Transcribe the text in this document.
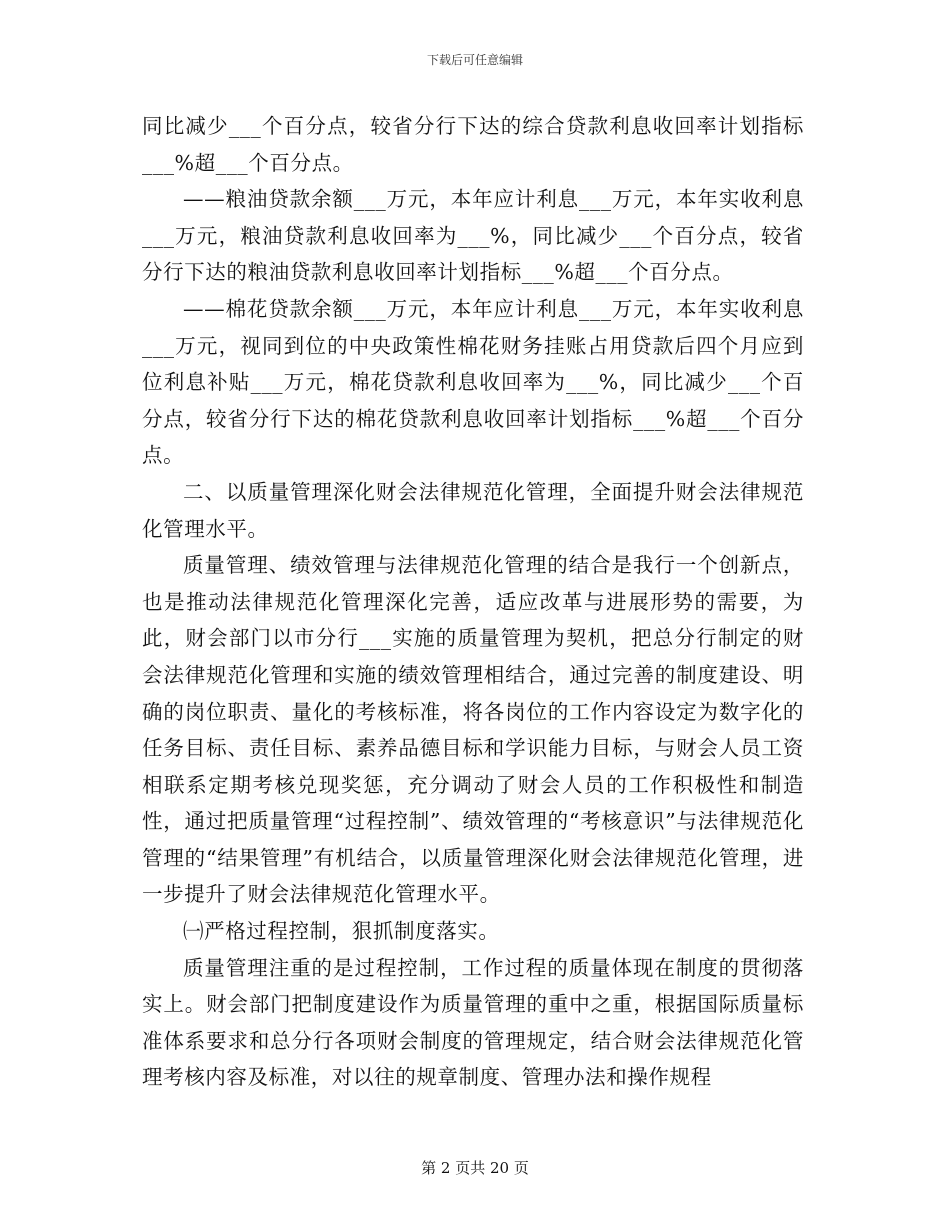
下载后可任意编辑

同比减少___个百分点，较省分行下达的综合贷款利息收回率计划指标___%超___个百分点。

——粮油贷款余额___万元，本年应计利息___万元，本年实收利息___万元，粮油贷款利息收回率为___%，同比减少___个百分点，较省分行下达的粮油贷款利息收回率计划指标___%超___个百分点。

——棉花贷款余额___万元，本年应计利息___万元，本年实收利息___万元，视同到位的中央政策性棉花财务挂账占用贷款后四个月应到位利息补贴___万元，棉花贷款利息收回率为___%，同比减少___个百分点，较省分行下达的棉花贷款利息收回率计划指标___%超___个百分点。

二、以质量管理深化财会法律规范化管理，全面提升财会法律规范化管理水平。

质量管理、绩效管理与法律规范化管理的结合是我行一个创新点，也是推动法律规范化管理深化完善，适应改革与进展形势的需要，为此，财会部门以市分行___实施的质量管理为契机，把总分行制定的财会法律规范化管理和实施的绩效管理相结合，通过完善的制度建设、明确的岗位职责、量化的考核标准，将各岗位的工作内容设定为数字化的任务目标、责任目标、素养品德目标和学识能力目标，与财会人员工资相联系定期考核兑现奖惩，充分调动了财会人员的工作积极性和制造性，通过把质量管理“过程控制”、绩效管理的“考核意识”与法律规范化管理的“结果管理”有机结合，以质量管理深化财会法律规范化管理，进一步提升了财会法律规范化管理水平。

㈠严格过程控制，狠抓制度落实。

质量管理注重的是过程控制，工作过程的质量体现在制度的贯彻落实上。财会部门把制度建设作为质量管理的重中之重，根据国际质量标准体系要求和总分行各项财会制度的管理规定，结合财会法律规范化管理考核内容及标准，对以往的规章制度、管理办法和操作规程

第 2 页共 20 页
